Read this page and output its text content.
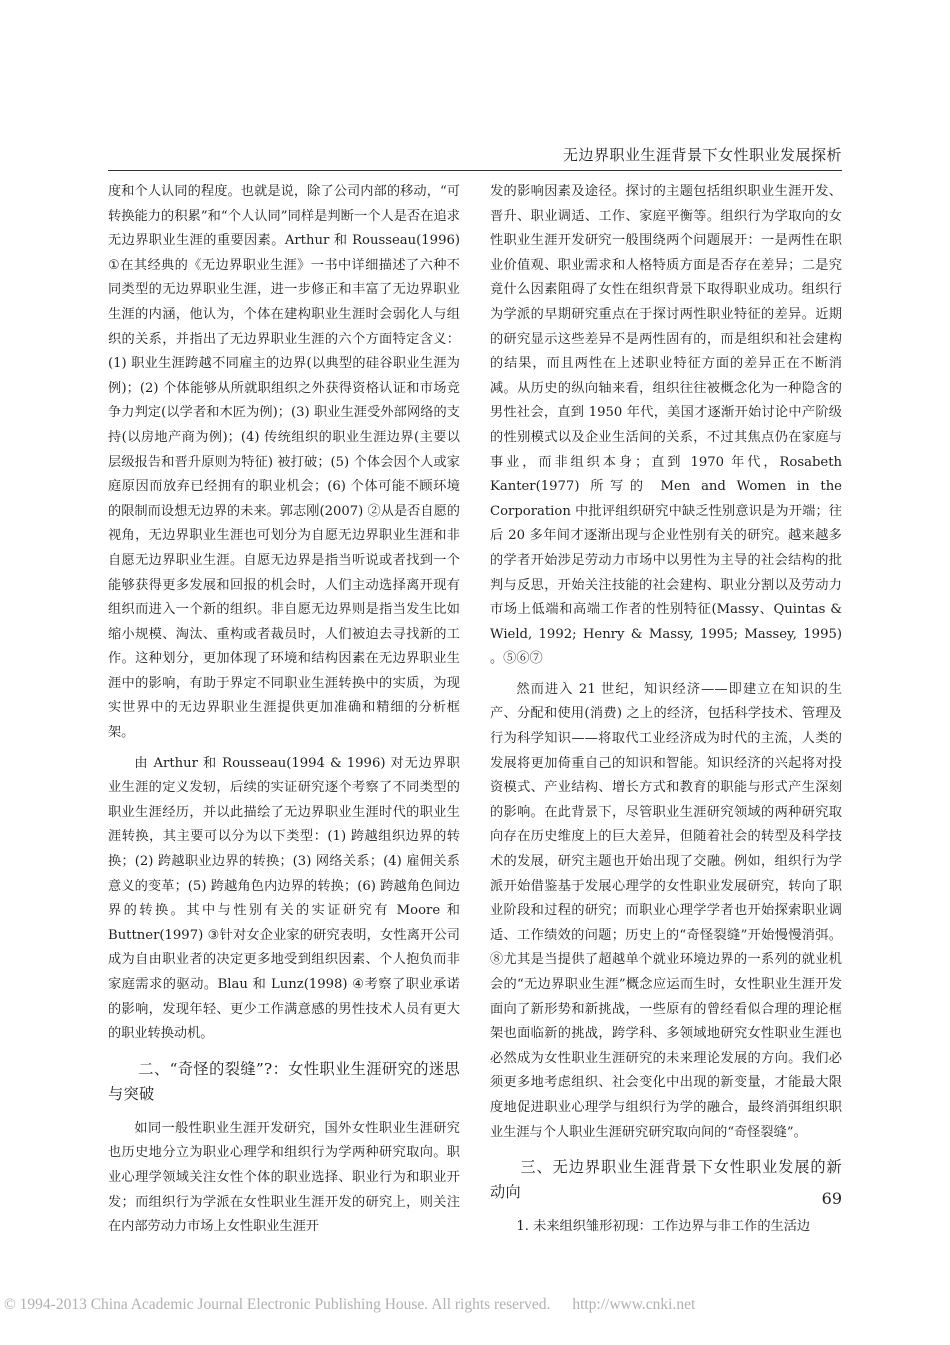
无边界职业生涯背景下女性职业发展探析

度和个人认同的程度。也就是说，除了公司内部的移动，“可转换能力的积累”和“个人认同”同样是判断一个人是否在追求无边界职业生涯的重要因素。Arthur 和 Rousseau(1996) ①在其经典的《无边界职业生涯》一书中详细描述了六种不同类型的无边界职业生涯，进一步修正和丰富了无边界职业生涯的内涵，他认为，个体在建构职业生涯时会弱化人与组织的关系，并指出了无边界职业生涯的六个方面特定含义：(1) 职业生涯跨越不同雇主的边界(以典型的硅谷职业生涯为例)；(2) 个体能够从所就职组织之外获得资格认证和市场竞争力判定(以学者和木匠为例)；(3) 职业生涯受外部网络的支持(以房地产商为例)；(4) 传统组织的职业生涯边界(主要以层级报告和晋升原则为特征) 被打破；(5) 个体会因个人或家庭原因而放弃已经拥有的职业机会；(6) 个体可能不顾环境的限制而设想无边界的未来。郭志刚(2007) ②从是否自愿的视角，无边界职业生涯也可划分为自愿无边界职业生涯和非自愿无边界职业生涯。自愿无边界是指当听说或者找到一个能够获得更多发展和回报的机会时，人们主动选择离开现有组织而进入一个新的组织。非自愿无边界则是指当发生比如缩小规模、淘汰、重构或者裁员时，人们被迫去寻找新的工作。这种划分，更加体现了环境和结构因素在无边界职业生涯中的影响，有助于界定不同职业生涯转换中的实质，为现实世界中的无边界职业生涯提供更加准确和精细的分析框架。

由 Arthur 和 Rousseau(1994 & 1996) 对无边界职业生涯的定义发轫，后续的实证研究逐个考察了不同类型的职业生涯经历，并以此描绘了无边界职业生涯时代的职业生涯转换，其主要可以分为以下类型：(1) 跨越组织边界的转换；(2) 跨越职业边界的转换；(3) 网络关系；(4) 雇佣关系意义的变革；(5) 跨越角色内边界的转换；(6) 跨越角色间边界的转换。其中与性别有关的实证研究有 Moore 和 Buttner(1997) ③针对女企业家的研究表明，女性离开公司成为自由职业者的决定更多地受到组织因素、个人抱负而非家庭需求的驱动。Blau 和 Lunz(1998) ④考察了职业承诺的影响，发现年轻、更少工作满意感的男性技术人员有更大的职业转换动机。

二、“奇怪的裂缝”?：女性职业生涯研究的迷思与突破

如同一般性职业生涯开发研究，国外女性职业生涯研究也历史地分立为职业心理学和组织行为学两种研究取向。职业心理学领域关注女性个体的职业选择、职业行为和职业开发；而组织行为学派在女性职业生涯开发的研究上，则关注在内部劳动力市场上女性职业生涯开

发的影响因素及途径。探讨的主题包括组织职业生涯开发、晋升、职业调适、工作、家庭平衡等。组织行为学取向的女性职业生涯开发研究一般围绕两个问题展开：一是两性在职业价值观、职业需求和人格特质方面是否存在差异；二是究竟什么因素阻碍了女性在组织背景下取得职业成功。组织行为学派的早期研究重点在于探讨两性职业特征的差异。近期的研究显示这些差异不是两性固有的，而是组织和社会建构的结果，而且两性在上述职业特征方面的差异正在不断消减。从历史的纵向轴来看，组织往往被概念化为一种隐含的男性社会，直到 1950 年代，美国才逐渐开始讨论中产阶级的性别模式以及企业生活间的关系，不过其焦点仍在家庭与事业，而非组织本身；直到 1970 年代，Rosabeth Kanter(1977) 所写的 Men and Women in the Corporation 中批评组织研究中缺乏性别意识是为开端；往后 20 多年间才逐渐出现与企业性别有关的研究。越来越多的学者开始涉足劳动力市场中以男性为主导的社会结构的批判与反思，开始关注技能的社会建构、职业分割以及劳动力市场上低端和高端工作者的性别特征(Massy、Quintas & Wield, 1992; Henry & Massy, 1995; Massey, 1995) 。⑤⑥⑦

然而进入 21 世纪，知识经济——即建立在知识的生产、分配和使用(消费) 之上的经济，包括科学技术、管理及行为科学知识——将取代工业经济成为时代的主流，人类的发展将更加倚重自己的知识和智能。知识经济的兴起将对投资模式、产业结构、增长方式和教育的职能与形式产生深刻的影响。在此背景下，尽管职业生涯研究领域的两种研究取向存在历史维度上的巨大差异，但随着社会的转型及科学技术的发展，研究主题也开始出现了交融。例如，组织行为学派开始借鉴基于发展心理学的女性职业发展研究，转向了职业阶段和过程的研究；而职业心理学学者也开始探索职业调适、工作绩效的问题；历史上的“奇怪裂缝”开始慢慢消弭。⑧尤其是当提供了超越单个就业环境边界的一系列的就业机会的“无边界职业生涯”概念应运而生时，女性职业生涯开发面向了新形势和新挑战，一些原有的曾经看似合理的理论框架也面临新的挑战，跨学科、多领域地研究女性职业生涯也必然成为女性职业生涯研究的未来理论发展的方向。我们必须更多地考虑组织、社会变化中出现的新变量，才能最大限度地促进职业心理学与组织行为学的融合，最终消弭组织职业生涯与个人职业生涯研究研究取向间的“奇怪裂缝”。

三、无边界职业生涯背景下女性职业发展的新动向

1. 未来组织雏形初现：工作边界与非工作的生活边

69
© 1994-2013 China Academic Journal Electronic Publishing House. All rights reserved. http://www.cnki.net
